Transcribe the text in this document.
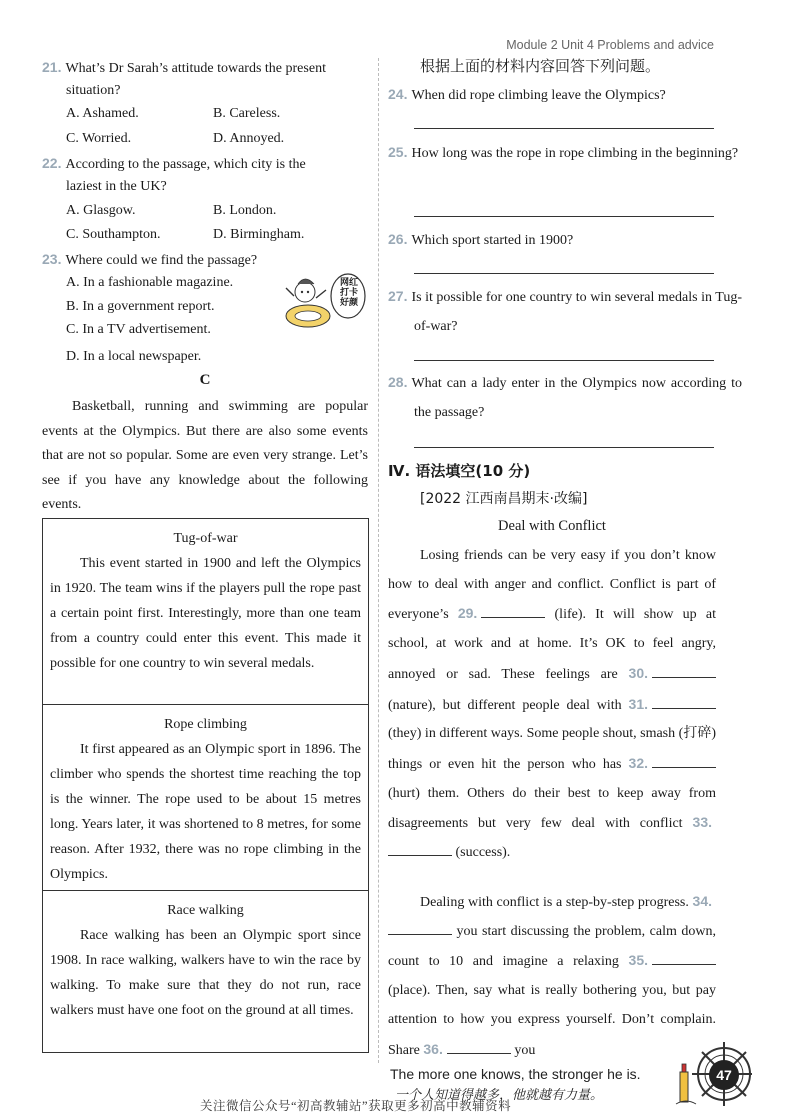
Module 2 Unit 4 Problems and advice
21. What’s Dr Sarah’s attitude towards the present
situation?
A. Ashamed.	B. Careless.
C. Worried.	D. Annoyed.
22. According to the passage, which city is the
laziest in the UK?
A. Glasgow.	B. London.
C. Southampton.	D. Birmingham.
23. Where could we find the passage?
A. In a fashionable magazine.
B. In a government report.
C. In a TV advertisement.
D. In a local newspaper.
网红打卡好颜
C
Basketball, running and swimming are popular events at the Olympics. But there are also some events that are not so popular. Some are even very strange. Let’s see if you have any knowledge about the following events.
Tug-of-war
This event started in 1900 and left the Olympics in 1920. The team wins if the players pull the rope past a certain point first. Interestingly, more than one team from a country could enter this event. This made it possible for one country to win several medals.
Rope climbing
It first appeared as an Olympic sport in 1896. The climber who spends the shortest time reaching the top is the winner. The rope used to be about 15 metres long. Years later, it was shortened to 8 metres, for some reason. After 1932, there was no rope climbing in the Olympics.
Race walking
Race walking has been an Olympic sport since 1908. In race walking, walkers have to win the race by walking. To make sure that they do not run, race walkers must have one foot on the ground at all times.
根据上面的材料内容回答下列问题。
24. When did rope climbing leave the Olympics?
25. How long was the rope in rope climbing in the beginning?
26. Which sport started in 1900?
27. Is it possible for one country to win several medals in Tug-of-war?
28. What can a lady enter in the Olympics now according to the passage?
Ⅳ. 语法填空(10 分)
[2022 江西南昌期末·改编]
Deal with Conflict
Losing friends can be very easy if you don’t know how to deal with anger and conflict. Conflict is part of everyone’s 29.	(life). It will show up at school, at work and at home. It’s OK to feel angry, annoyed or sad. These feelings are 30. (nature), but different people deal with 31. (they) in different ways. Some people shout, smash (打碎) things or even hit the person who has 32. (hurt) them. Others do their best to keep away from disagreements but very few deal with conflict 33. (success).
Dealing with conflict is a step-by-step progress. 34. you start discussing the problem, calm down, count to 10 and imagine a relaxing 35. (place). Then, say what is really bothering you, but pay attention to how you express yourself. Don’t complain. Share 36.	you
The more one knows, the stronger he is.
一个人知道得越多，他就越有力量。
关注微信公众号“初高教辅站”获取更多初高中教辅资料
47
